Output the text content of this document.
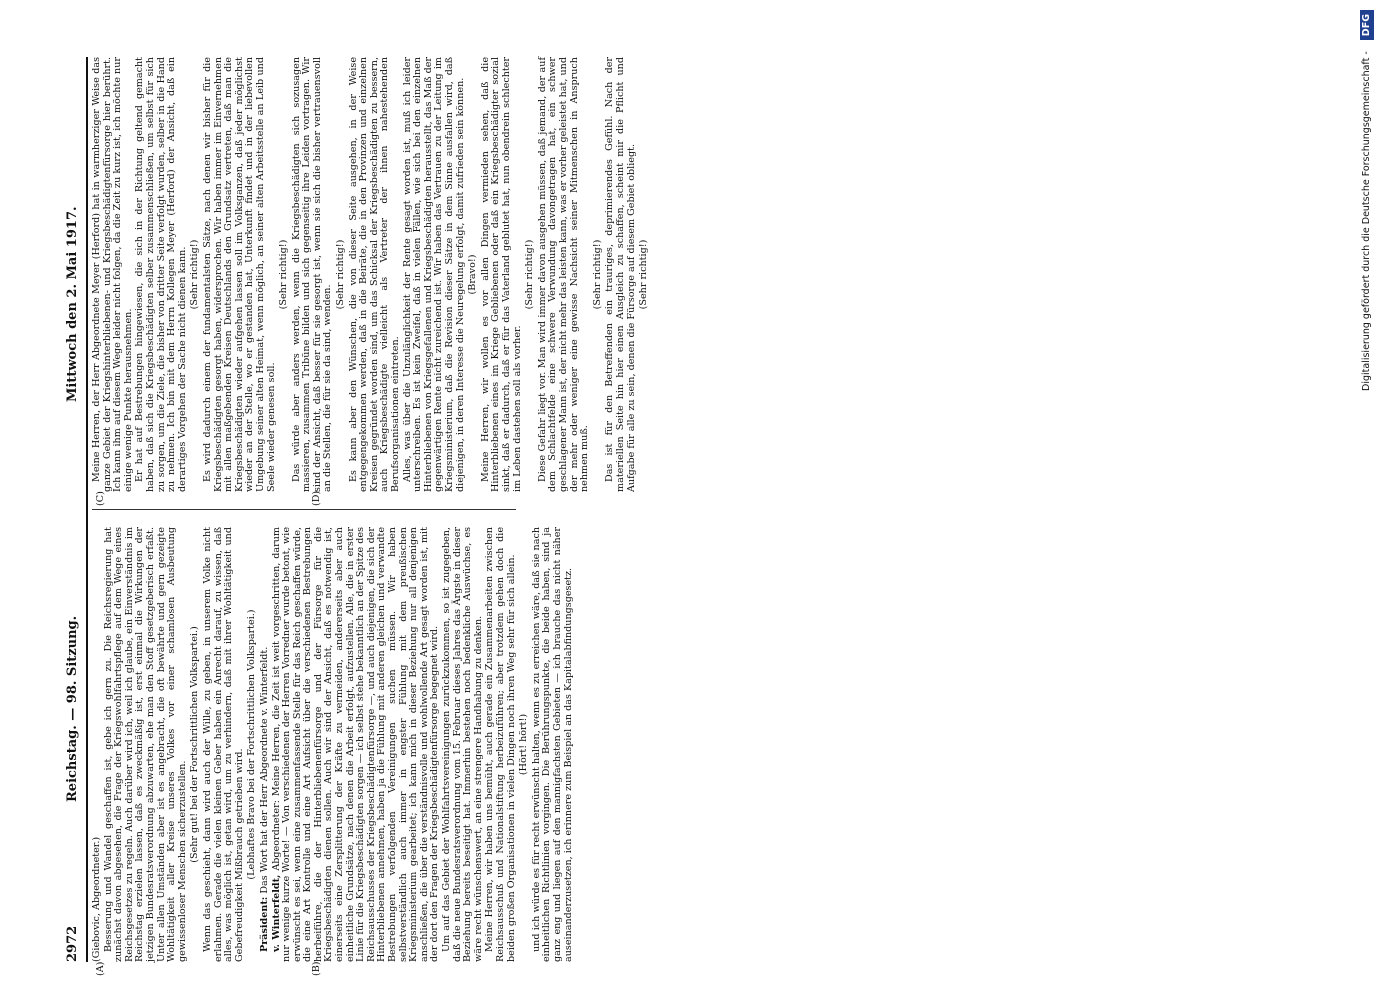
2972
Reichstag. — 98. Sitzung.
Mittwoch den 2. Mai 1917.
(A)	(B)
(C)	(D)

(Giebovic, Abgeordneter.) Besserung und Wandel geschaffen ist, gebe ich gern zu. Die Reichsregierung hat zunächst davon abgesehen, die Frage der Kriegswohlfahrtspflege auf dem Wege eines Reichsgesetzes zu regeln. Auch darüber wird ich, weil ich glaube, ein Einverständnis im Reichstag erzielen lassen, daß es zweckmäßig ist, erst einmal die Wirkungen der jetzigen Bundesratsverordnung abzuwarten, ehe man den Stoff gesetzgeberisch erfaßt. Unter allen Umständen aber ist es angebracht, die oft bewährte und gern gezeigte Wohltätigkeit aller Kreise unseres Volkes vor einer schamlosen Ausbeutung gewissenloser Menschen sicherzustellen. (Sehr gut! bei der Fortschrittlichen Volkspartei.) Wenn das geschieht, dann wird auch der Wille, zu geben, in unserem Volke nicht erlahmen. Gerade die vielen kleinen Geber haben ein Anrecht darauf, zu wissen, daß alles, was möglich ist, getan wird, um zu verhindern, daß mit ihrer Wohltätigkeit und Gebefreudigkeit Mißbrauch getrieben wird. (Lebhaftes Bravo bei der Fortschrittlichen Volkspartei.)

Präsident: Das Wort hat der Herr Abgeordnete v. Winterfeldt.

v. Winterfeldt, Abgeordneter: Meine Herren, die Zeit ist weit vorgeschritten, darum nur wenige kurze Worte! — Von verschiedenen der Herren Vorredner wurde betont, wie erwünscht es sei, wenn eine zusammenfassende Stelle für das Reich geschaffen würde, die eine Art Kontrolle und eine Art Aufsicht über die verschiedenen Bestrebungen herbeiführe, die der Hinterbliebenenfürsorge und der Fürsorge für die Kriegsbeschädigten dienen sollen. Auch wir sind der Ansicht, daß es notwendig ist, einerseits eine Zersplitterung der Kräfte zu vermeiden, andererseits aber auch einheitliche Grundsätze, nach denen die Arbeit erfolgt, aufzustellen. Alle, die in erster Linie für die Kriegsbeschädigten sorgen — ich selbst stehe bekanntlich an der Spitze des Reichsausschusses der Kriegsbeschädigtenfürsorge —, und auch diejenigen, die sich der Hinterbliebenen annehmen, haben ja die Fühlung mit anderen gleichen und verwandte Bestrebungen verfolgenden Vereinigungen suchen müssen. Wir haben selbstverständlich auch immer in engster Fühlung mit dem preußischen Kriegsministerium gearbeitet; ich kann mich in dieser Beziehung nur all denjenigen anschließen, die über die verständnisvolle und wohlwollende Art gesagt worden ist, mit der dort den Fragen der Kriegsbeschädigtenfürsorge begegnet wird. Um auf das Gebiet der Wohlfahrtsvereinigungen zurückzukommen, so ist zugegeben, daß die neue Bundesratsverordnung vom 15. Februar dieses Jahres das Ärgste in dieser Beziehung bereits beseitigt hat. Immerhin bestehen noch bedenkliche Auswüchse, es wäre recht wünschenswert, an eine strengere Handhabung zu denken. Meine Herren, wir haben uns bemüht, auch gerade ein Zusammenarbeiten zwischen Reichsausschuß und Nationalstiftung herbeizuführen; aber trotzdem gehen doch die beiden großen Organisationen in vielen Dingen noch ihren Weg sehr für sich allein. (Hört! hört!) und ich würde es für recht erwünscht halten, wenn es zu erreichen wäre, daß sie nach einheitlichen Richtlinien vorgingen. Die Berührungspunkte, die beide haben, sind ja ganz eng und liegen auf den mannigfachsten Gebieten — ich brauche das nicht näher auseinanderzusetzen, ich erinnere zum Beispiel an das Kapitalabfindungsgesetz.

Meine Herren, der Herr Abgeordnete Meyer (Herford) hat in warmherziger Weise das ganze Gebiet der Kriegshinterbliebenen- und Kriegsbeschädigtenfürsorge hier berührt. Ich kann ihm auf diesem Wege leider nicht folgen, da die Zeit zu kurz ist, ich möchte nur einige wenige Punkte herausnehmen. Er hat auf Bestrebungen hingewiesen, die sich in der Richtung geltend gemacht haben, daß sich die Kriegsbeschädigten selber zusammenschließen, um selbst für sich zu sorgen, um die Ziele, die bisher von dritter Seite verfolgt wurden, selber in die Hand zu nehmen. Ich bin mit dem Herrn Kollegen Meyer (Herford) der Ansicht, daß ein derartiges Vorgehen der Sache nicht dienen kann. (Sehr richtig!) Es wird dadurch einem der fundamentalsten Sätze, nach denen wir bisher für die Kriegsbeschädigten gesorgt haben, widersprochen. Wir haben immer im Einvernehmen mit allen maßgebenden Kreisen Deutschlands den Grundsatz vertreten, daß man die Kriegsbeschädigten wieder aufgehen lassen soll im Volksganzen, daß jeder möglichst wieder an der Stelle, wo er gestanden hat, Unterkunft findet und in der liebevollen Umgebung seiner alten Heimat, wenn möglich, an seiner alten Arbeitsstelle an Leib und Seele wieder genesen soll.

(Sehr richtig!) Das würde aber anders werden, wenn die Kriegsbeschädigten sich sozusagen massieren, zusammen Tribüne bilden und sich gegenseitig ihre Leiden vortragen. Wir sind der Ansicht, daß besser für sie gesorgt ist, wenn sie sich die bisher vertrauensvoll an die Stellen, die für sie da sind, wenden.

(Sehr richtig!) Es kann aber den Wünschen, die von dieser Seite ausgehen, in der Weise entgegengekommen werden, daß in die Beiräte, die in den Provinzen und einzelnen Kreisen gegründet worden sind, um das Schicksal der Kriegsbeschädigten zu bessern, auch Kriegsbeschädigte vielleicht als Vertreter der ihnen nahestehenden Berufsorganisationen eintreten. Alles, was über die Unzulänglichkeit der Rente gesagt worden ist, muß ich leider unterschreiben. Es ist kein Zweifel, daß in vielen Fällen, wie sich bei den einzelnen Hinterbliebenen von Kriegsgefallenen und Kriegsbeschädigten herausstellt, das Maß der gegenwärtigen Rente nicht zureichend ist. Wir haben das Vertrauen zu der Leitung im Kriegsministerium, daß die Revision dieser Sätze in dem Sinne ausfallen wird, daß diejenigen, in deren Interesse die Neuregelung erfolgt, damit zufrieden sein können. (Bravo!) Meine Herren, wir wollen es vor allen Dingen vermieden sehen, daß die Hinterbliebenen eines im Kriege Gebliebenen oder daß ein Kriegsbeschädigter sozial sinkt, daß er dadurch, daß er für das Vaterland geblutet hat, nun obendrein schlechter im Leben dastehen soll als vorher.

(Sehr richtig!) Diese Gefahr liegt vor. Man wird immer davon ausgehen müssen, daß jemand, der auf dem Schlachtfelde eine schwere Verwundung davongetragen hat, ein schwer geschlagener Mann ist, der nicht mehr das leisten kann, was er vorher geleistet hat, und der mehr oder weniger eine gewisse Nachsicht seiner Mitmenschen in Anspruch nehmen muß.

(Sehr richtig!) Das ist für den Betreffenden ein trauriges, deprimierendes Gefühl. Nach der materiellen Seite hin hier einen Ausgleich zu schaffen, scheint mir die Pflicht und Aufgabe für alle zu sein, denen die Fürsorge auf diesem Gebiet obliegt. (Sehr richtig!)	Digitalisierung gefördert durch die Deutsche Forschungsgemeinschaft - DFG
